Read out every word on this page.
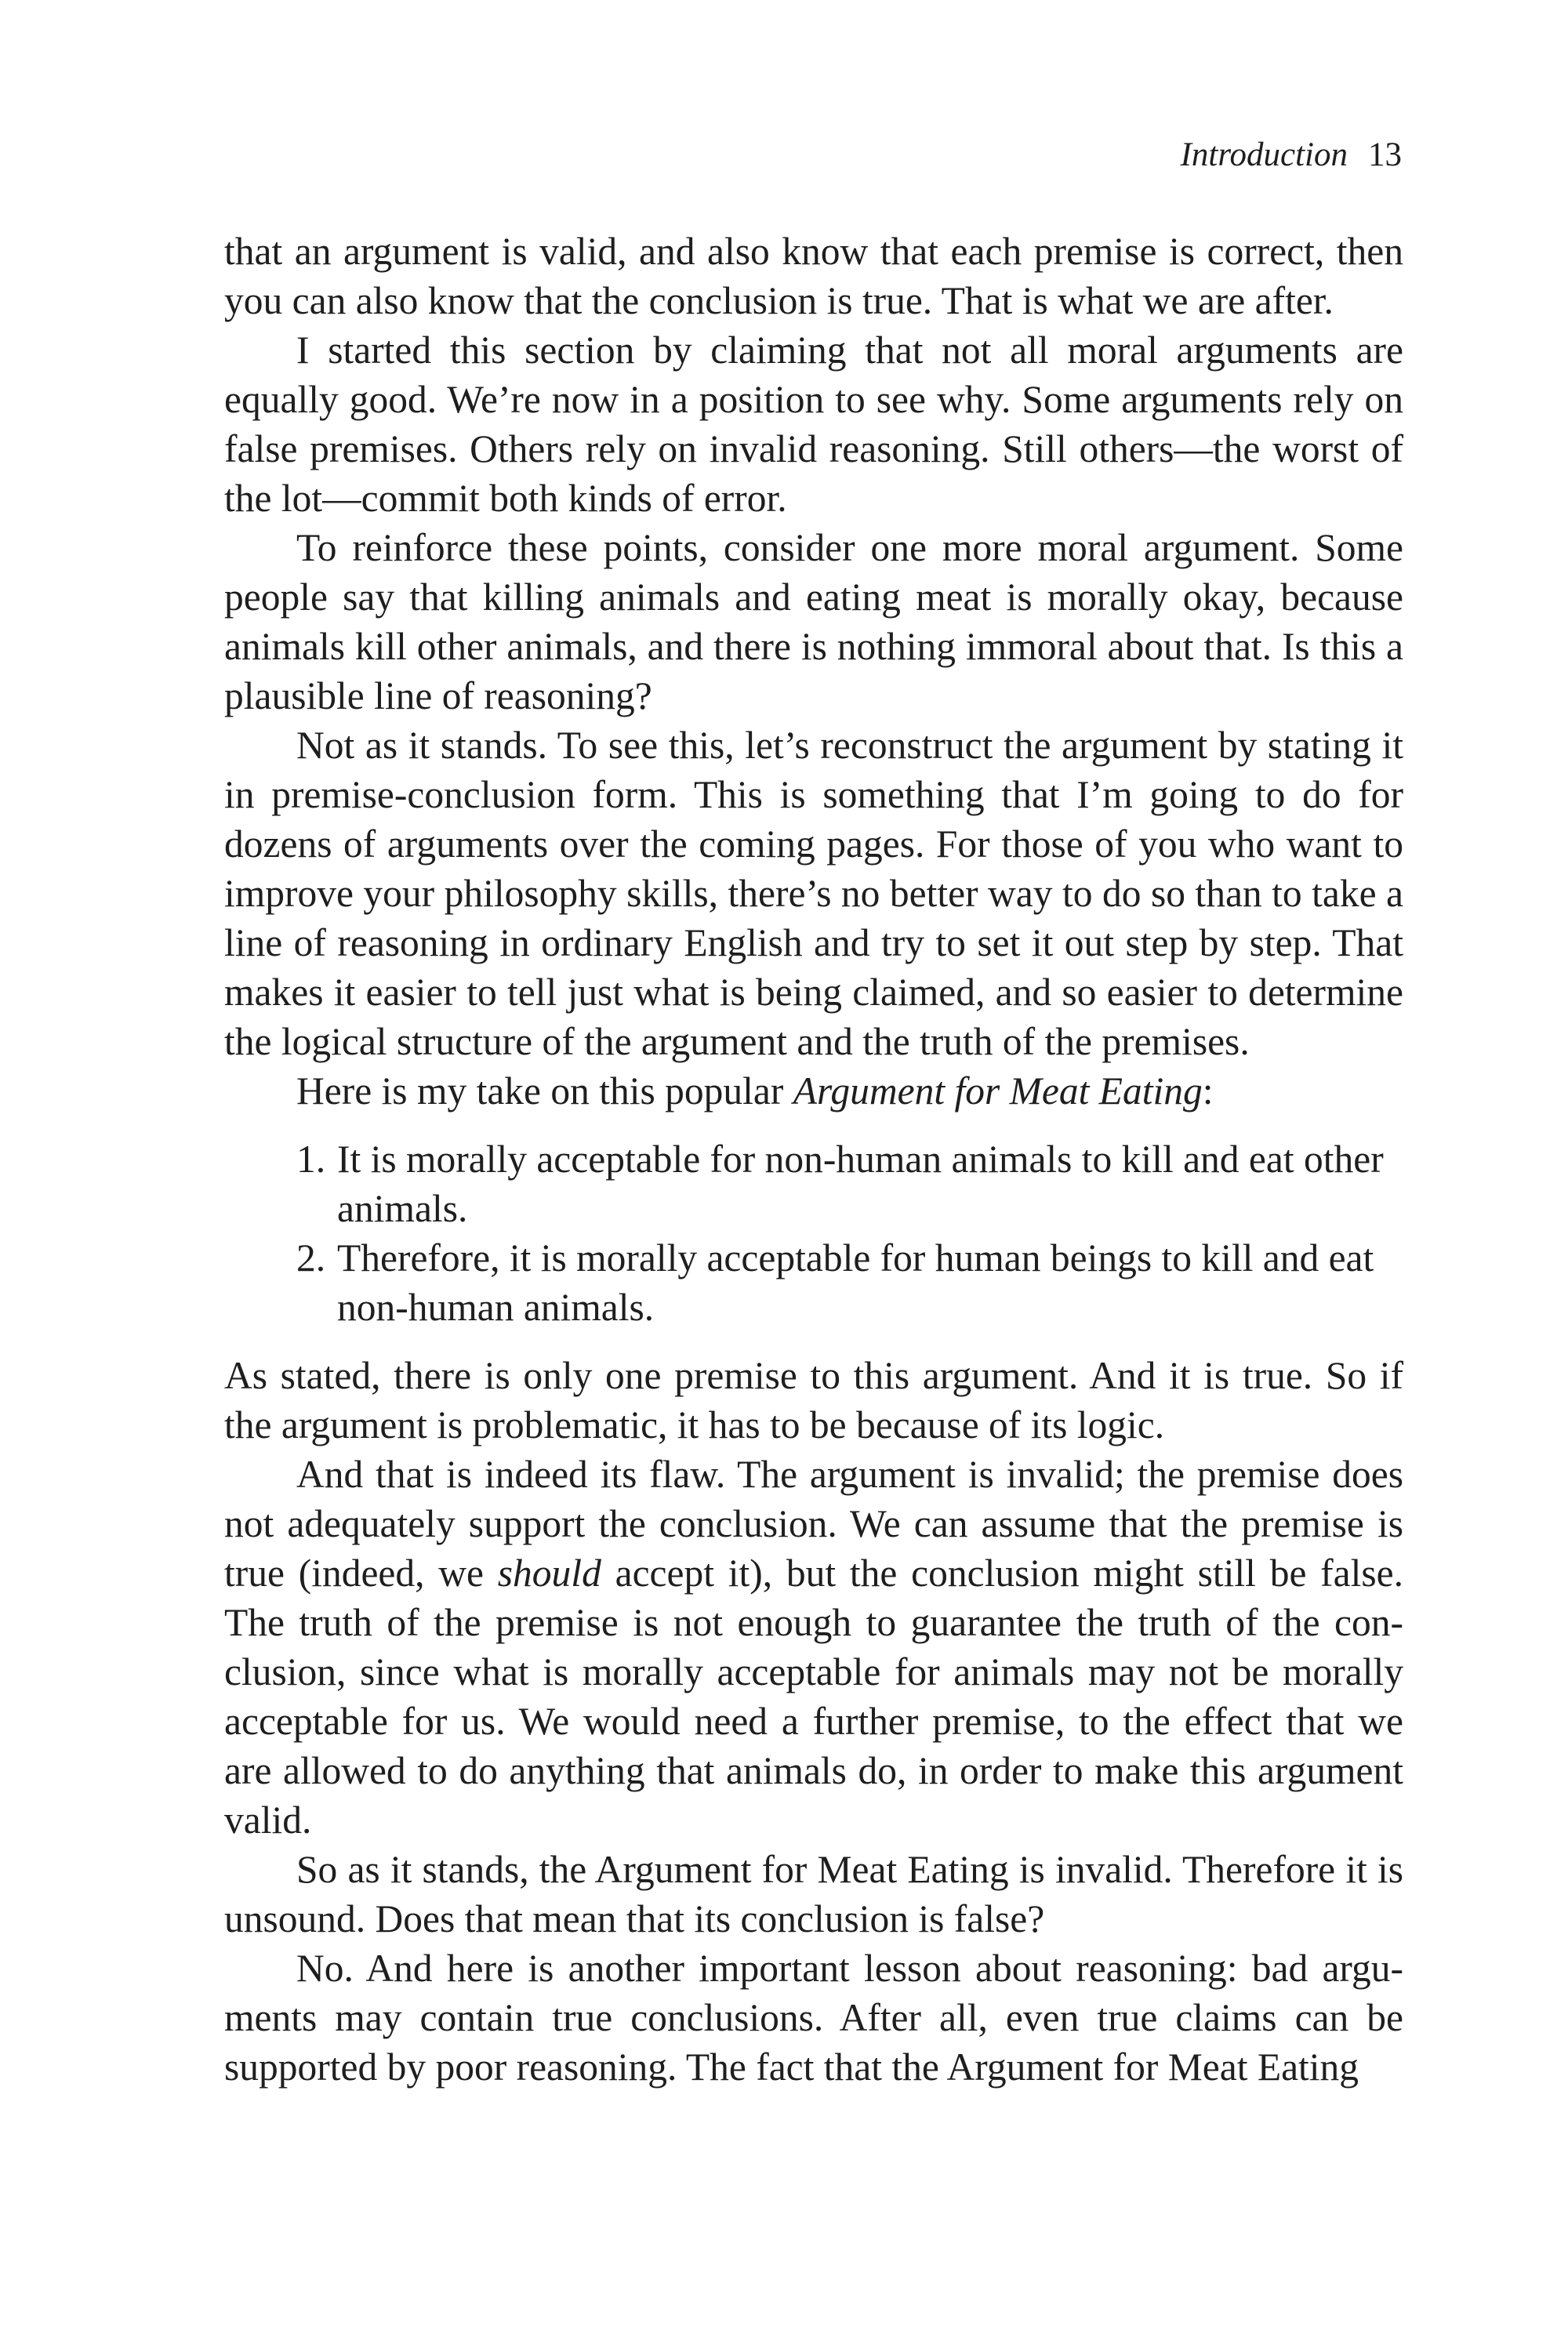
Introduction 13

that an argument is valid, and also know that each premise is correct, then you can also know that the conclusion is true. That is what we are after.

I started this section by claiming that not all moral arguments are equally good. We’re now in a position to see why. Some arguments rely on false premises. Others rely on invalid reasoning. Still others—the worst of the lot—commit both kinds of error.

To reinforce these points, consider one more moral argument. Some people say that killing animals and eating meat is morally okay, because animals kill other animals, and there is nothing immoral about that. Is this a plausible line of reasoning?

Not as it stands. To see this, let’s reconstruct the argument by stating it in premise-conclusion form. This is something that I’m going to do for dozens of arguments over the coming pages. For those of you who want to improve your philosophy skills, there’s no better way to do so than to take a line of reasoning in ordinary English and try to set it out step by step. That makes it easier to tell just what is being claimed, and so easier to determine the logical structure of the argument and the truth of the premises.

Here is my take on this popular Argument for Meat Eating:

1. It is morally acceptable for non-human animals to kill and eat other animals.
2. Therefore, it is morally acceptable for human beings to kill and eat non-human animals.

As stated, there is only one premise to this argument. And it is true. So if the argument is problematic, it has to be because of its logic.

And that is indeed its flaw. The argument is invalid; the premise does not adequately support the conclusion. We can assume that the premise is true (indeed, we should accept it), but the conclusion might still be false. The truth of the premise is not enough to guarantee the truth of the conclusion, since what is morally acceptable for animals may not be morally acceptable for us. We would need a further premise, to the effect that we are allowed to do anything that animals do, in order to make this argument valid.

So as it stands, the Argument for Meat Eating is invalid. Therefore it is unsound. Does that mean that its conclusion is false?

No. And here is another important lesson about reasoning: bad arguments may contain true conclusions. After all, even true claims can be supported by poor reasoning. The fact that the Argument for Meat Eating
